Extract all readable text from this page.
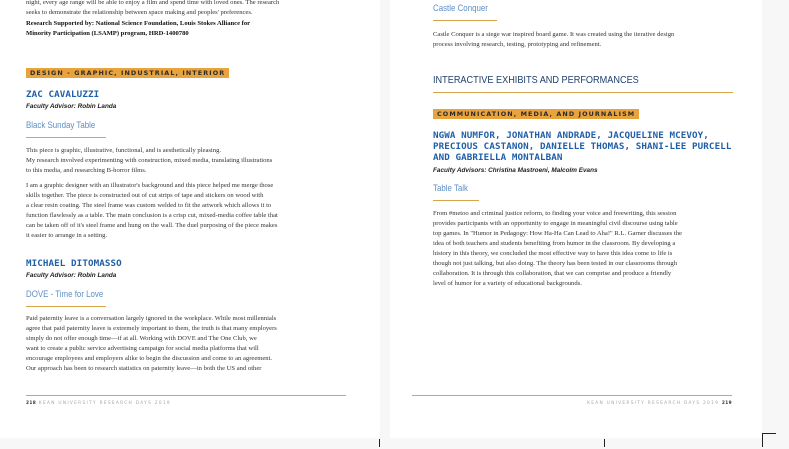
night, every age range will be able to enjoy a film and spend time with loved ones. The research

seeks to demonstrate the relationship between space making and peoples' preferences.

Research Supported by: National Science Foundation, Louis Stokes Alliance for

Minority Participation (LSAMP) program, HRD-1400780

DESIGN - GRAPHIC, INDUSTRIAL, INTERIOR

ZAC CAVALUZZI

Faculty Advisor: Robin Landa

Black Sunday Table

This piece is graphic, illustrative, functional, and is aesthetically pleasing.

My research involved experimenting with construction, mixed media, translating illustrations

to this media, and researching B-horror films.

I am a graphic designer with an illustrator's background and this piece helped me merge those

skills together. The piece is constructed out of cut strips of tape and stickers on wood with

a clear resin coating. The steel frame was custom welded to fit the artwork which allows it to

function flawlessly as a table. The main conclusion is a crisp cut, mixed-media coffee table that

can be taken off of it's steel frame and hung on the wall. The duel purposing of the piece makes

it easier to arrange in a setting.

MICHAEL DITOMASSO

Faculty Advisor: Robin Landa

DOVE - Time for Love

Paid paternity leave is a conversation largely ignored in the workplace. While most millennials

agree that paid paternity leave is extremely important to them, the truth is that many employers

simply do not offer enough time—if at all. Working with DOVE and The One Club, we

want to create a public service advertising campaign for social media platforms that will

encourage employees and employers alike to begin the discussion and come to an agreement.

Our approach has been to research statistics on paternity leave—in both the US and other

218 KEAN UNIVERSITY RESEARCH DAYS 2019

Castle Conquer

Castle Conquer is a siege war inspired board game. It was created using the iterative design

process involving research, testing, prototyping and refinement.

INTERACTIVE EXHIBITS AND PERFORMANCES

COMMUNICATION, MEDIA, AND JOURNALISM

NGWA NUMFOR, JONATHAN ANDRADE, JACQUELINE MCEVOY,

PRECIOUS CASTANON, DANIELLE THOMAS, SHANI-LEE PURCELL

AND GABRIELLA MONTALBAN

Faculty Advisors: Christina Mastroeni, Malcolm Evans

Table Talk

From #metoo and criminal justice reform, to finding your voice and freewriting, this session

provides participants with an opportunity to engage in meaningful civil discourse using table

top games. In "Humor in Pedagogy: How Ha-Ha Can Lead to Aha!" R.L. Garner discusses the

idea of both teachers and students benefiting from humor in the classroom. By developing a

history in this theory, we concluded the most effective way to have this idea come to life is

though not just talking, but also doing. The theory has been tested in our classrooms through

collaboration. It is through this collaboration, that we can comprise and produce a friendly

level of humor for a variety of educational backgrounds.

KEAN UNIVERSITY RESEARCH DAYS 2019 219
